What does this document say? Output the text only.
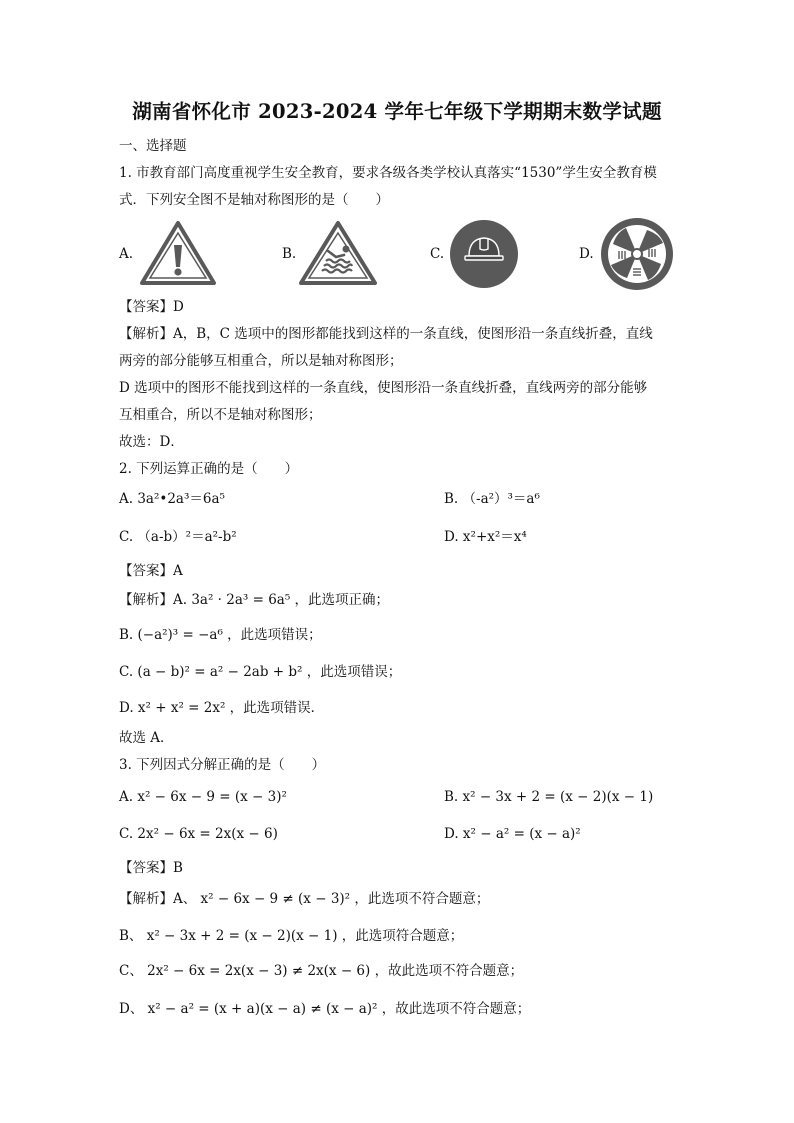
湖南省怀化市 2023-2024 学年七年级下学期期末数学试题
一、选择题
1. 市教育部门高度重视学生安全教育，要求各级各类学校认真落实“1530”学生安全教育模
式．下列安全图不是轴对称图形的是（　　）
A.	B.	C.	D.
【答案】D
【解析】A，B，C 选项中的图形都能找到这样的一条直线，使图形沿一条直线折叠，直线
两旁的部分能够互相重合，所以是轴对称图形；
D 选项中的图形不能找到这样的一条直线，使图形沿一条直线折叠，直线两旁的部分能够
互相重合，所以不是轴对称图形；
故选：D．
2. 下列运算正确的是（　　）
A. 3a²•2a³＝6a⁵	B. （-a²）³＝a⁶
C. （a-b）²＝a²-b²	D. x²+x²＝x⁴
【答案】A
【解析】A. 3a² · 2a³ = 6a⁵ ，此选项正确；
B. (−a²)³ = −a⁶ ，此选项错误；
C. (a − b)² = a² − 2ab + b² ，此选项错误；
D. x² + x² = 2x² ，此选项错误．
故选 A．
3. 下列因式分解正确的是（　　）
A. x² − 6x − 9 = (x − 3)²	B. x² − 3x + 2 = (x − 2)(x − 1)
C. 2x² − 6x = 2x(x − 6)	D. x² − a² = (x − a)²
【答案】B
【解析】A、 x² − 6x − 9 ≠ (x − 3)² ，此选项不符合题意；
B、 x² − 3x + 2 = (x − 2)(x − 1) ，此选项符合题意；
C、 2x² − 6x = 2x(x − 3) ≠ 2x(x − 6) ，故此选项不符合题意；
D、 x² − a² = (x + a)(x − a) ≠ (x − a)² ，故此选项不符合题意；
